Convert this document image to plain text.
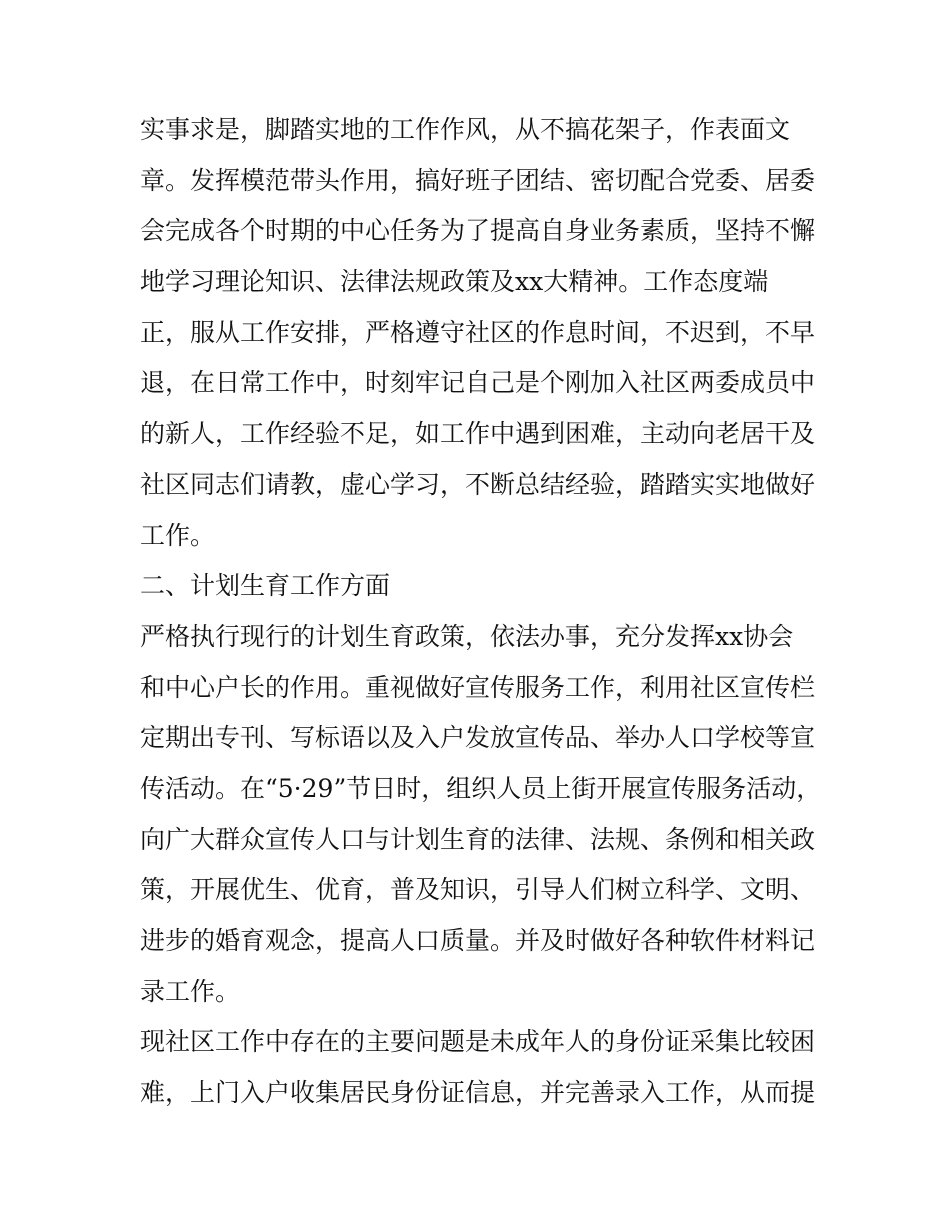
实事求是，脚踏实地的工作作风，从不搞花架子，作表面文
章。发挥模范带头作用，搞好班子团结、密切配合党委、居委
会完成各个时期的中心任务为了提高自身业务素质，坚持不懈
地学习理论知识、法律法规政策及xx大精神。工作态度端
正，服从工作安排，严格遵守社区的作息时间，不迟到，不早
退，在日常工作中，时刻牢记自己是个刚加入社区两委成员中
的新人，工作经验不足，如工作中遇到困难，主动向老居干及
社区同志们请教，虚心学习，不断总结经验，踏踏实实地做好
工作。
二、计划生育工作方面
严格执行现行的计划生育政策，依法办事，充分发挥xx协会
和中心户长的作用。重视做好宣传服务工作，利用社区宣传栏
定期出专刊、写标语以及入户发放宣传品、举办人口学校等宣
传活动。在“5·29”节日时，组织人员上街开展宣传服务活动，
向广大群众宣传人口与计划生育的法律、法规、条例和相关政
策，开展优生、优育，普及知识，引导人们树立科学、文明、
进步的婚育观念，提高人口质量。并及时做好各种软件材料记
录工作。
现社区工作中存在的主要问题是未成年人的身份证采集比较困
难，上门入户收集居民身份证信息，并完善录入工作，从而提
